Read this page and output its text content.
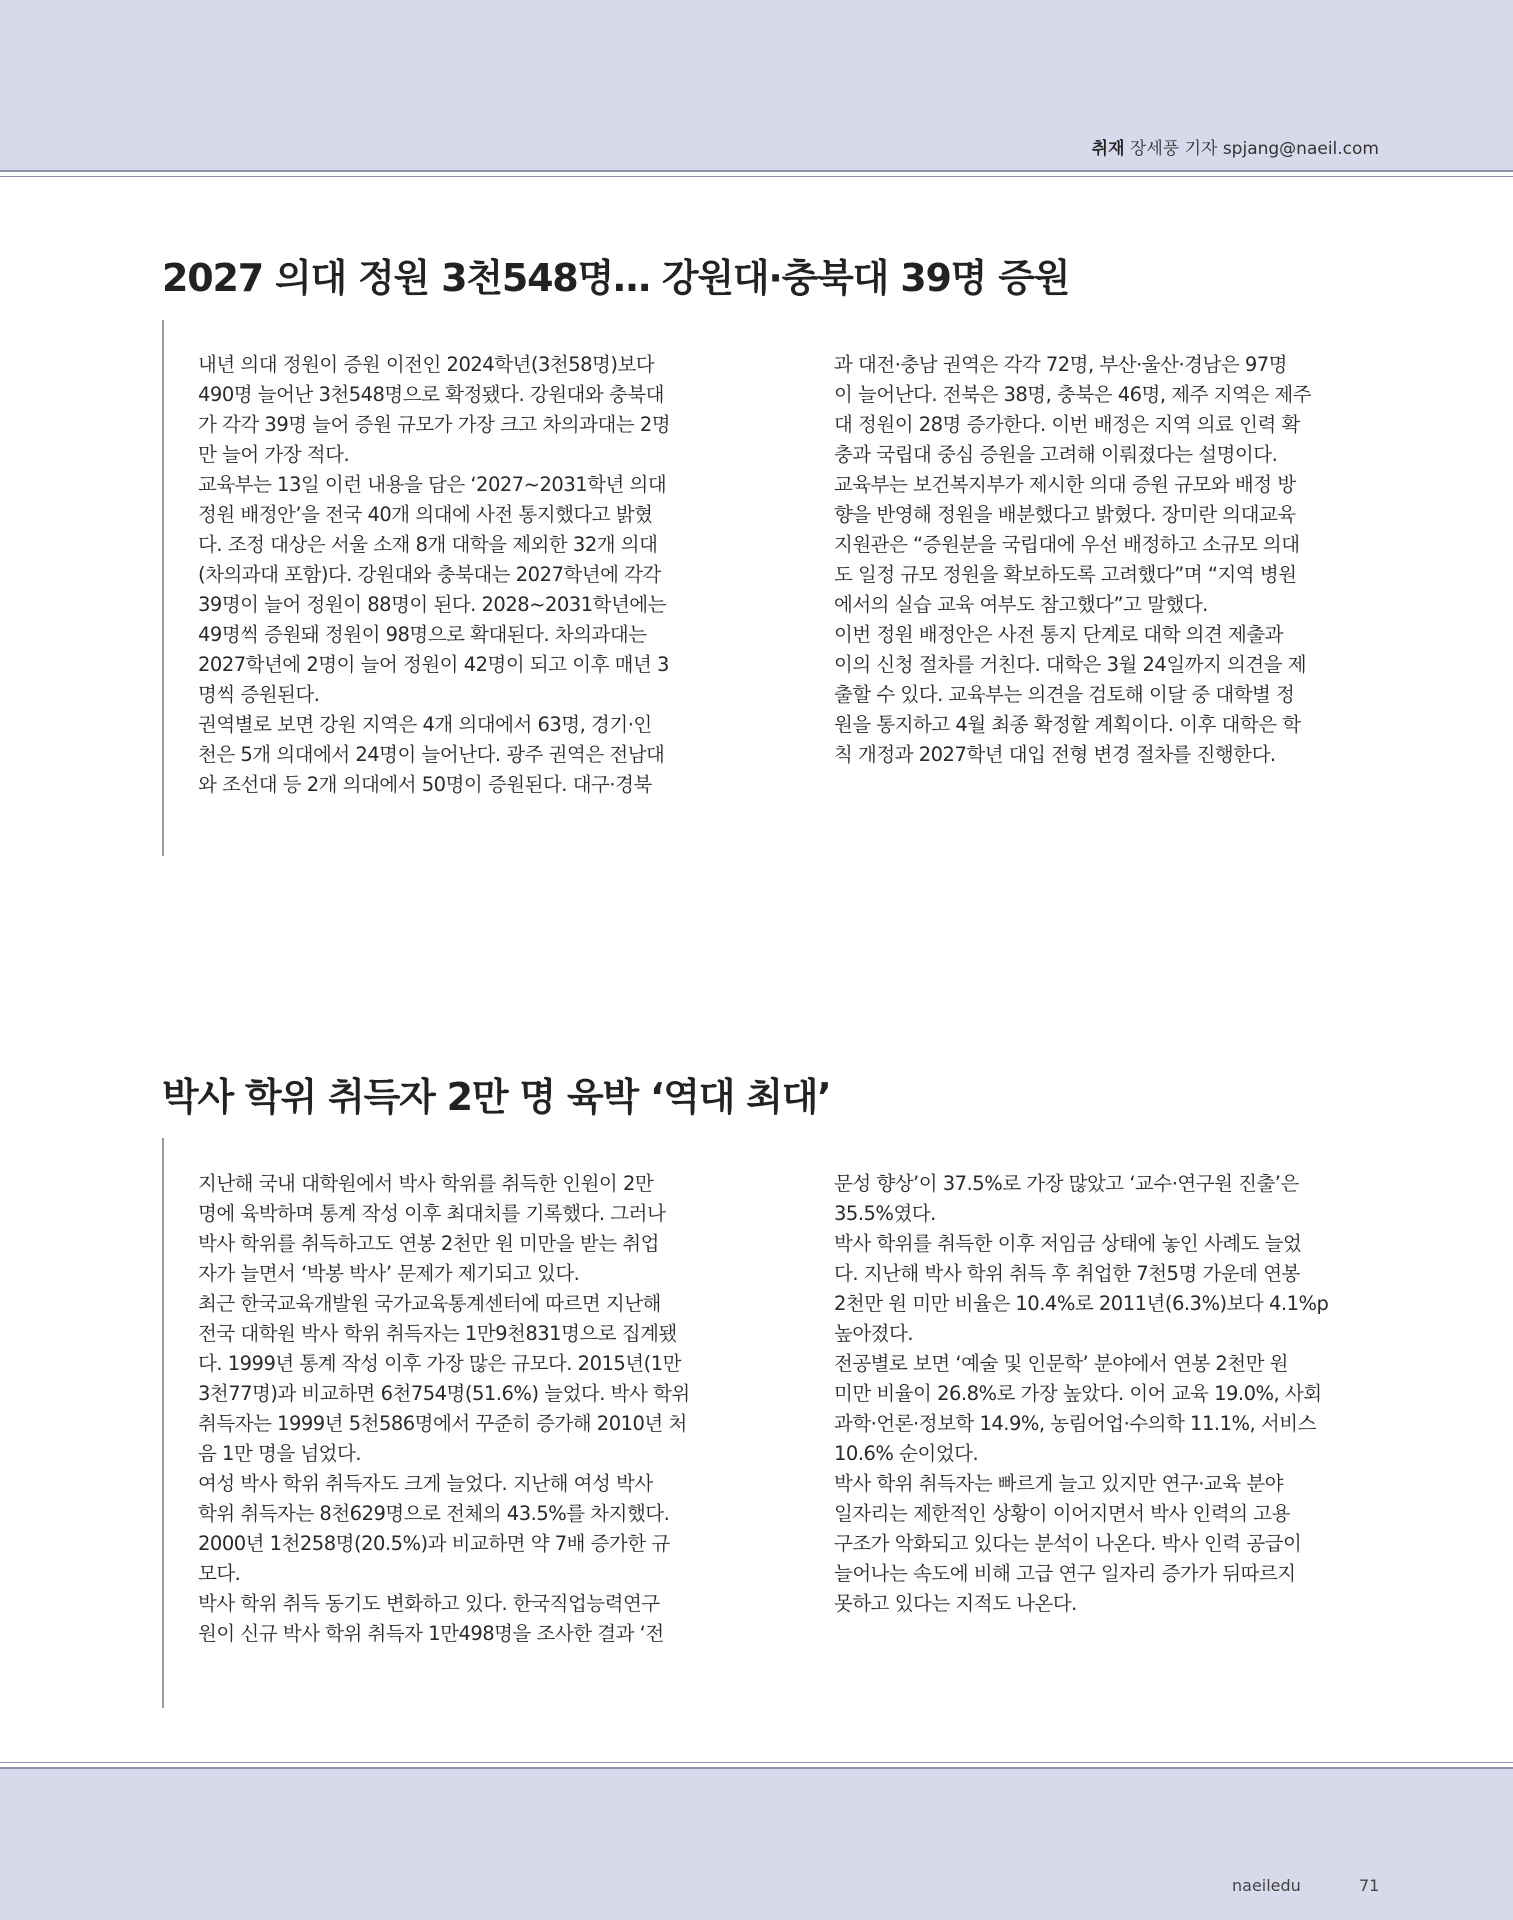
취재 장세풍 기자 spjang@naeil.com
2027 의대 정원 3천548명… 강원대·충북대 39명 증원

내년 의대 정원이 증원 이전인 2024학년(3천58명)보다
490명 늘어난 3천548명으로 확정됐다. 강원대와 충북대
가 각각 39명 늘어 증원 규모가 가장 크고 차의과대는 2명
만 늘어 가장 적다.
교육부는 13일 이런 내용을 담은 ‘2027~2031학년 의대
정원 배정안’을 전국 40개 의대에 사전 통지했다고 밝혔
다. 조정 대상은 서울 소재 8개 대학을 제외한 32개 의대
(차의과대 포함)다. 강원대와 충북대는 2027학년에 각각
39명이 늘어 정원이 88명이 된다. 2028~2031학년에는
49명씩 증원돼 정원이 98명으로 확대된다. 차의과대는
2027학년에 2명이 늘어 정원이 42명이 되고 이후 매년 3
명씩 증원된다.
권역별로 보면 강원 지역은 4개 의대에서 63명, 경기·인
천은 5개 의대에서 24명이 늘어난다. 광주 권역은 전남대
와 조선대 등 2개 의대에서 50명이 증원된다. 대구·경북

과 대전·충남 권역은 각각 72명, 부산·울산·경남은 97명
이 늘어난다. 전북은 38명, 충북은 46명, 제주 지역은 제주
대 정원이 28명 증가한다. 이번 배정은 지역 의료 인력 확
충과 국립대 중심 증원을 고려해 이뤄졌다는 설명이다.
교육부는 보건복지부가 제시한 의대 증원 규모와 배정 방
향을 반영해 정원을 배분했다고 밝혔다. 장미란 의대교육
지원관은 “증원분을 국립대에 우선 배정하고 소규모 의대
도 일정 규모 정원을 확보하도록 고려했다”며 “지역 병원
에서의 실습 교육 여부도 참고했다”고 말했다.
이번 정원 배정안은 사전 통지 단계로 대학 의견 제출과
이의 신청 절차를 거친다. 대학은 3월 24일까지 의견을 제
출할 수 있다. 교육부는 의견을 검토해 이달 중 대학별 정
원을 통지하고 4월 최종 확정할 계획이다. 이후 대학은 학
칙 개정과 2027학년 대입 전형 변경 절차를 진행한다.

박사 학위 취득자 2만 명 육박 ‘역대 최대’

지난해 국내 대학원에서 박사 학위를 취득한 인원이 2만
명에 육박하며 통계 작성 이후 최대치를 기록했다. 그러나
박사 학위를 취득하고도 연봉 2천만 원 미만을 받는 취업
자가 늘면서 ‘박봉 박사’ 문제가 제기되고 있다.
최근 한국교육개발원 국가교육통계센터에 따르면 지난해
전국 대학원 박사 학위 취득자는 1만9천831명으로 집계됐
다. 1999년 통계 작성 이후 가장 많은 규모다. 2015년(1만
3천77명)과 비교하면 6천754명(51.6%) 늘었다. 박사 학위
취득자는 1999년 5천586명에서 꾸준히 증가해 2010년 처
음 1만 명을 넘었다.
여성 박사 학위 취득자도 크게 늘었다. 지난해 여성 박사
학위 취득자는 8천629명으로 전체의 43.5%를 차지했다.
2000년 1천258명(20.5%)과 비교하면 약 7배 증가한 규
모다.
박사 학위 취득 동기도 변화하고 있다. 한국직업능력연구
원이 신규 박사 학위 취득자 1만498명을 조사한 결과 ‘전

문성 향상’이 37.5%로 가장 많았고 ‘교수·연구원 진출’은
35.5%였다.
박사 학위를 취득한 이후 저임금 상태에 놓인 사례도 늘었
다. 지난해 박사 학위 취득 후 취업한 7천5명 가운데 연봉
2천만 원 미만 비율은 10.4%로 2011년(6.3%)보다 4.1%p
높아졌다.
전공별로 보면 ‘예술 및 인문학’ 분야에서 연봉 2천만 원
미만 비율이 26.8%로 가장 높았다. 이어 교육 19.0%, 사회
과학·언론·정보학 14.9%, 농림어업·수의학 11.1%, 서비스
10.6% 순이었다.
박사 학위 취득자는 빠르게 늘고 있지만 연구·교육 분야
일자리는 제한적인 상황이 이어지면서 박사 인력의 고용
구조가 악화되고 있다는 분석이 나온다. 박사 인력 공급이
늘어나는 속도에 비해 고급 연구 일자리 증가가 뒤따르지
못하고 있다는 지적도 나온다.

naeiledu	71
